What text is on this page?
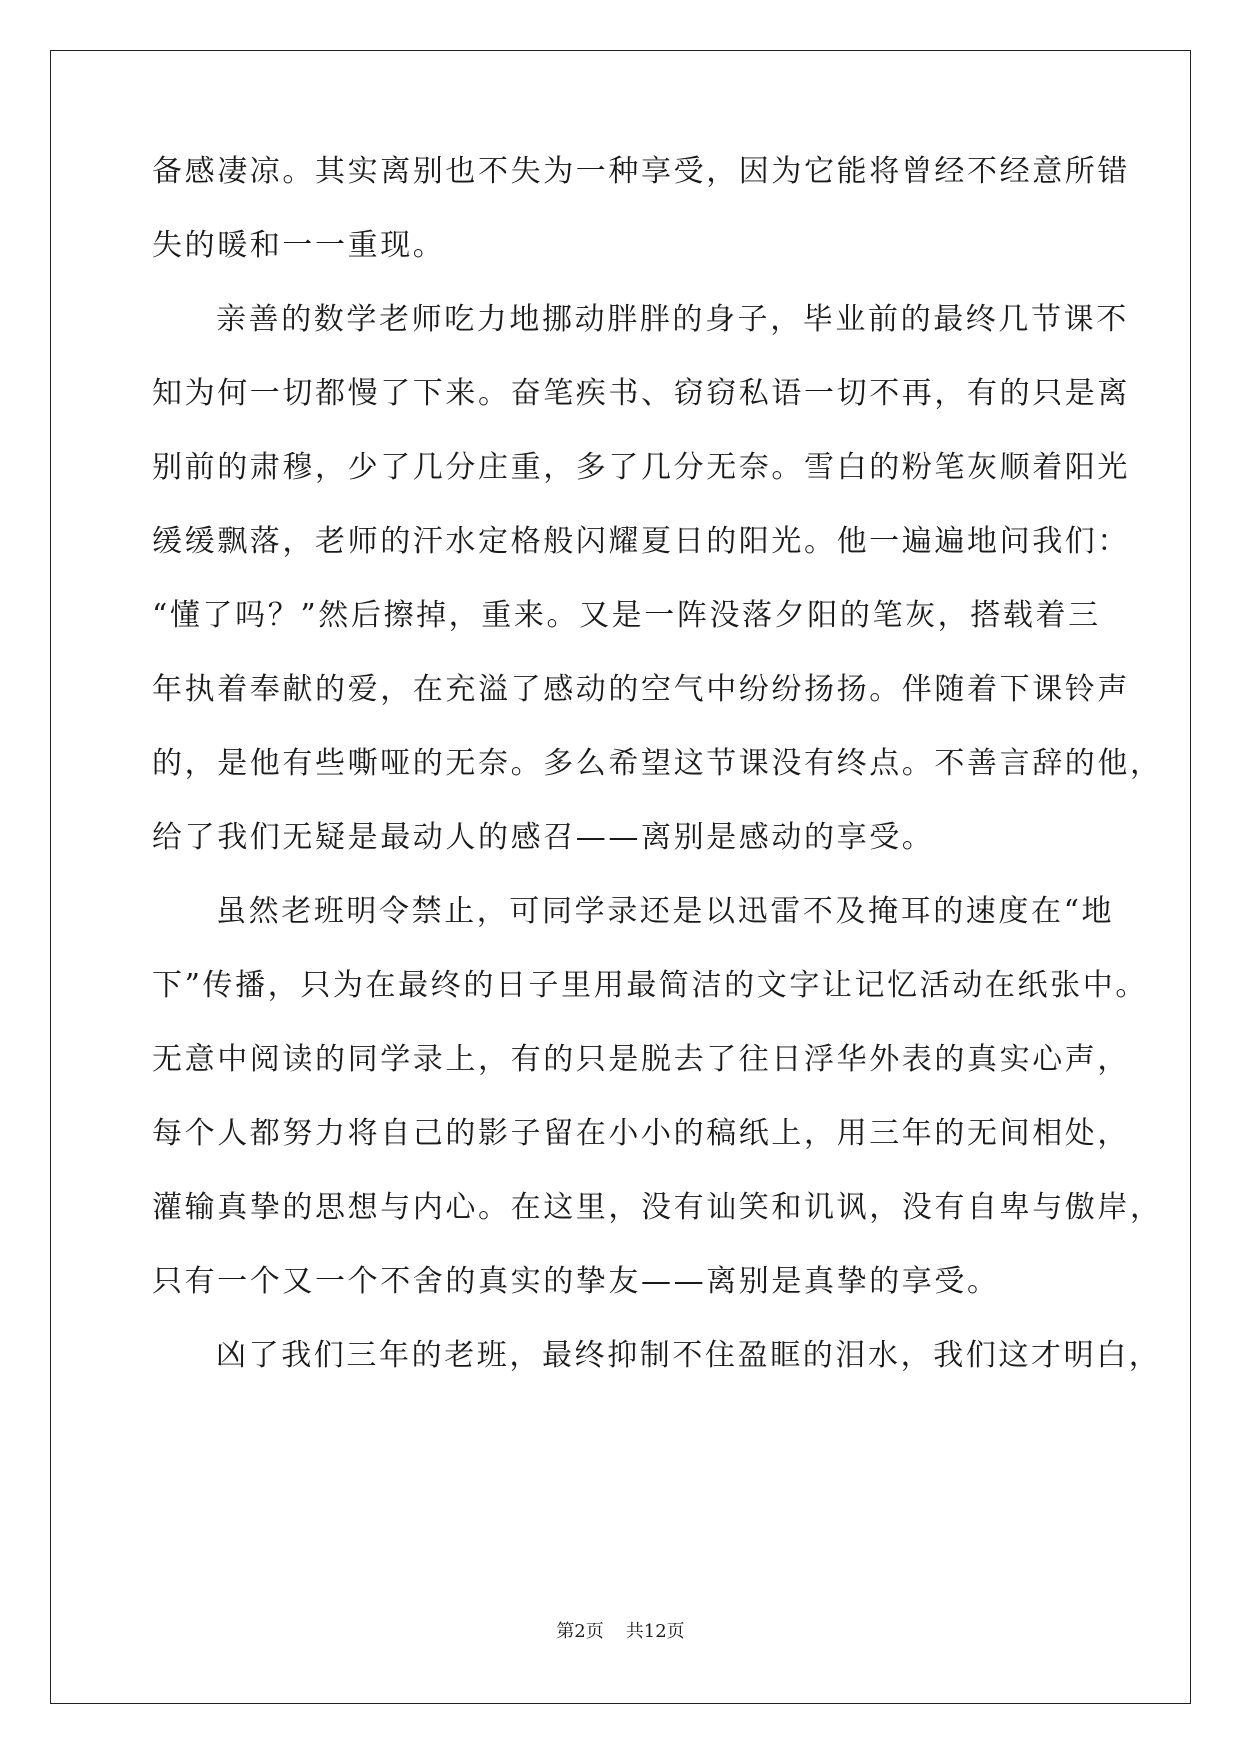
备感凄凉。其实离别也不失为一种享受，因为它能将曾经不经意所错
失的暖和一一重现。
亲善的数学老师吃力地挪动胖胖的身子，毕业前的最终几节课不
知为何一切都慢了下来。奋笔疾书、窃窃私语一切不再，有的只是离
别前的肃穆，少了几分庄重，多了几分无奈。雪白的粉笔灰顺着阳光
缓缓飘落，老师的汗水定格般闪耀夏日的阳光。他一遍遍地问我们：
“懂了吗？”然后擦掉，重来。又是一阵没落夕阳的笔灰，搭载着三
年执着奉献的爱，在充溢了感动的空气中纷纷扬扬。伴随着下课铃声
的，是他有些嘶哑的无奈。多么希望这节课没有终点。不善言辞的他，
给了我们无疑是最动人的感召——离别是感动的享受。
虽然老班明令禁止，可同学录还是以迅雷不及掩耳的速度在“地
下”传播，只为在最终的日子里用最简洁的文字让记忆活动在纸张中。
无意中阅读的同学录上，有的只是脱去了往日浮华外表的真实心声，
每个人都努力将自己的影子留在小小的稿纸上，用三年的无间相处，
灌输真挚的思想与内心。在这里，没有讪笑和讥讽，没有自卑与傲岸，
只有一个又一个不舍的真实的挚友——离别是真挚的享受。
凶了我们三年的老班，最终抑制不住盈眶的泪水，我们这才明白，
第2页 共12页
